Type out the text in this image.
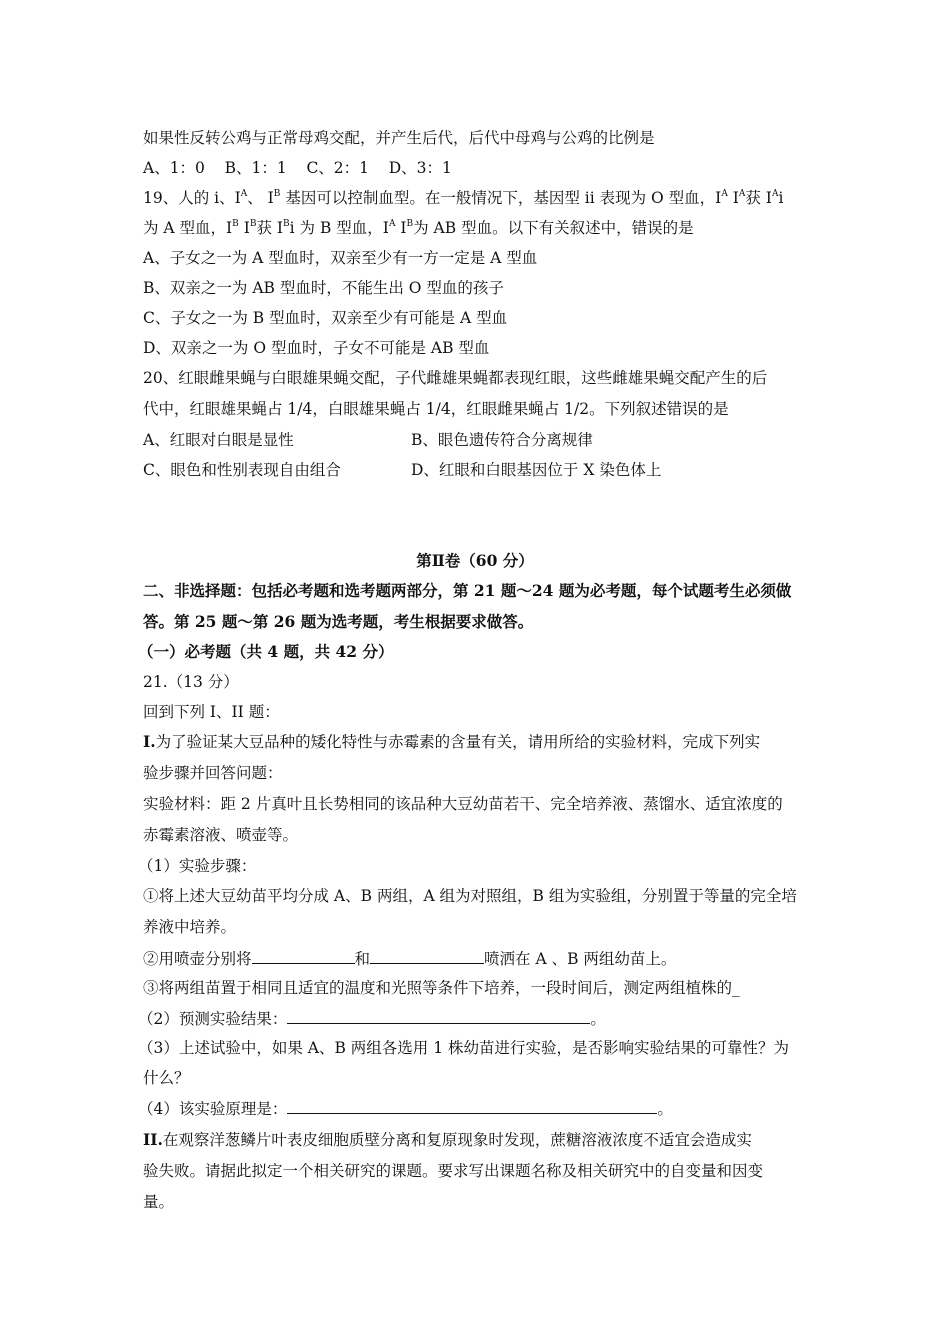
如果性反转公鸡与正常母鸡交配，并产生后代，后代中母鸡与公鸡的比例是
A、1：0    B、1：1    C、2：1    D、3：1
19、人的 i、$I^A$、 $I^B$ 基因可以控制血型。在一般情况下，基因型 ii 表现为 O 型血，$I^A$ $I^A$获 $I^Ai$
为 A 型血，$I^B$ $I^B$获 $I^Bi$ 为 B 型血，$I^A$ $I^B$为 AB 型血。以下有关叙述中，错误的是
A、子女之一为 A 型血时，双亲至少有一方一定是 A 型血
B、双亲之一为 AB 型血时，不能生出 O 型血的孩子
C、子女之一为 B 型血时，双亲至少有可能是 A 型血
D、双亲之一为 O 型血时，子女不可能是 AB 型血
20、红眼雌果蝇与白眼雄果蝇交配，子代雌雄果蝇都表现红眼，这些雌雄果蝇交配产生的后
代中，红眼雄果蝇占 1/4，白眼雄果蝇占 1/4，红眼雌果蝇占 1/2。下列叙述错误的是
A、红眼对白眼是显性	B、眼色遗传符合分离规律
C、眼色和性别表现自由组合	D、红眼和白眼基因位于 X 染色体上
第Ⅱ卷（60 分）
二、非选择题：包括必考题和选考题两部分，第 21 题～24 题为必考题，每个试题考生必须做
答。第 25 题～第 26 题为选考题，考生根据要求做答。
（一）必考题（共 4 题，共 42 分）
21.（13 分）
回到下列 I、II 题：
I.为了验证某大豆品种的矮化特性与赤霉素的含量有关，请用所给的实验材料，完成下列实
验步骤并回答问题：
实验材料：距 2 片真叶且长势相同的该品种大豆幼苗若干、完全培养液、蒸馏水、适宜浓度的
赤霉素溶液、喷壶等。
（1）实验步骤：
①将上述大豆幼苗平均分成 A、B 两组，A 组为对照组，B 组为实验组，分别置于等量的完全培
养液中培养。
②用喷壶分别将	和	喷洒在 A 、B 两组幼苗上。
③将两组苗置于相同且适宜的温度和光照等条件下培养，一段时间后，测定两组植株的_
（2）预测实验结果：	。
（3）上述试验中，如果 A、B 两组各选用 1 株幼苗进行实验，是否影响实验结果的可靠性？为
什么？
（4）该实验原理是：	。
II.在观察洋葱鳞片叶表皮细胞质壁分离和复原现象时发现，蔗糖溶液浓度不适宜会造成实
验失败。请据此拟定一个相关研究的课题。要求写出课题名称及相关研究中的自变量和因变
量。
